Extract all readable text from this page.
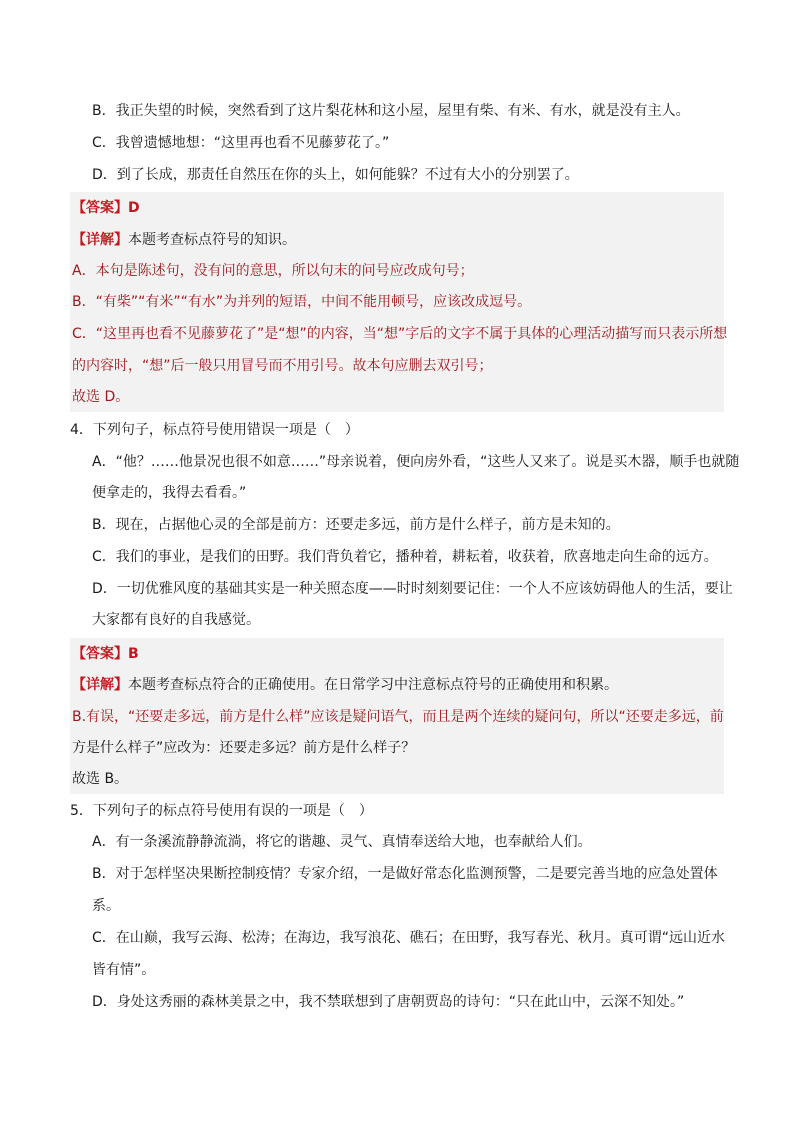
B．我正失望的时候，突然看到了这片梨花林和这小屋，屋里有柴、有米、有水，就是没有主人。
C．我曾遗憾地想：“这里再也看不见藤萝花了。”
D．到了长成，那责任自然压在你的头上，如何能躲？不过有大小的分别罢了。
【答案】D
【详解】本题考查标点符号的知识。
A．本句是陈述句，没有问的意思，所以句末的问号应改成句号；
B．“有柴”“有米”“有水”为并列的短语，中间不能用顿号，应该改成逗号。
C．“这里再也看不见藤萝花了”是“想”的内容，当“想”字后的文字不属于具体的心理活动描写而只表示所想
的内容时，“想”后一般只用冒号而不用引号。故本句应删去双引号；
故选 D。
4．下列句子，标点符号使用错误一项是（　）
A．“他？……他景况也很不如意……”母亲说着，便向房外看，“这些人又来了。说是买木器，顺手也就随
便拿走的，我得去看看。”
B．现在，占据他心灵的全部是前方：还要走多远，前方是什么样子，前方是未知的。
C．我们的事业，是我们的田野。我们背负着它，播种着，耕耘着，收获着，欣喜地走向生命的远方。
D．一切优雅风度的基础其实是一种关照态度——时时刻刻要记住：一个人不应该妨碍他人的生活，要让
大家都有良好的自我感觉。
【答案】B
【详解】本题考查标点符合的正确使用。在日常学习中注意标点符号的正确使用和积累。
B.有误，“还要走多远，前方是什么样”应该是疑问语气，而且是两个连续的疑问句，所以“还要走多远，前
方是什么样子”应改为：还要走多远？前方是什么样子？
故选 B。
5．下列句子的标点符号使用有误的一项是（　）
A．有一条溪流静静流淌，将它的谐趣、灵气、真情奉送给大地，也奉献给人们。
B．对于怎样坚决果断控制疫情？专家介绍，一是做好常态化监测预警，二是要完善当地的应急处置体
系。
C．在山巅，我写云海、松涛；在海边，我写浪花、礁石；在田野，我写春光、秋月。真可谓“远山近水
皆有情”。
D．身处这秀丽的森林美景之中，我不禁联想到了唐朝贾岛的诗句：“只在此山中，云深不知处。”
